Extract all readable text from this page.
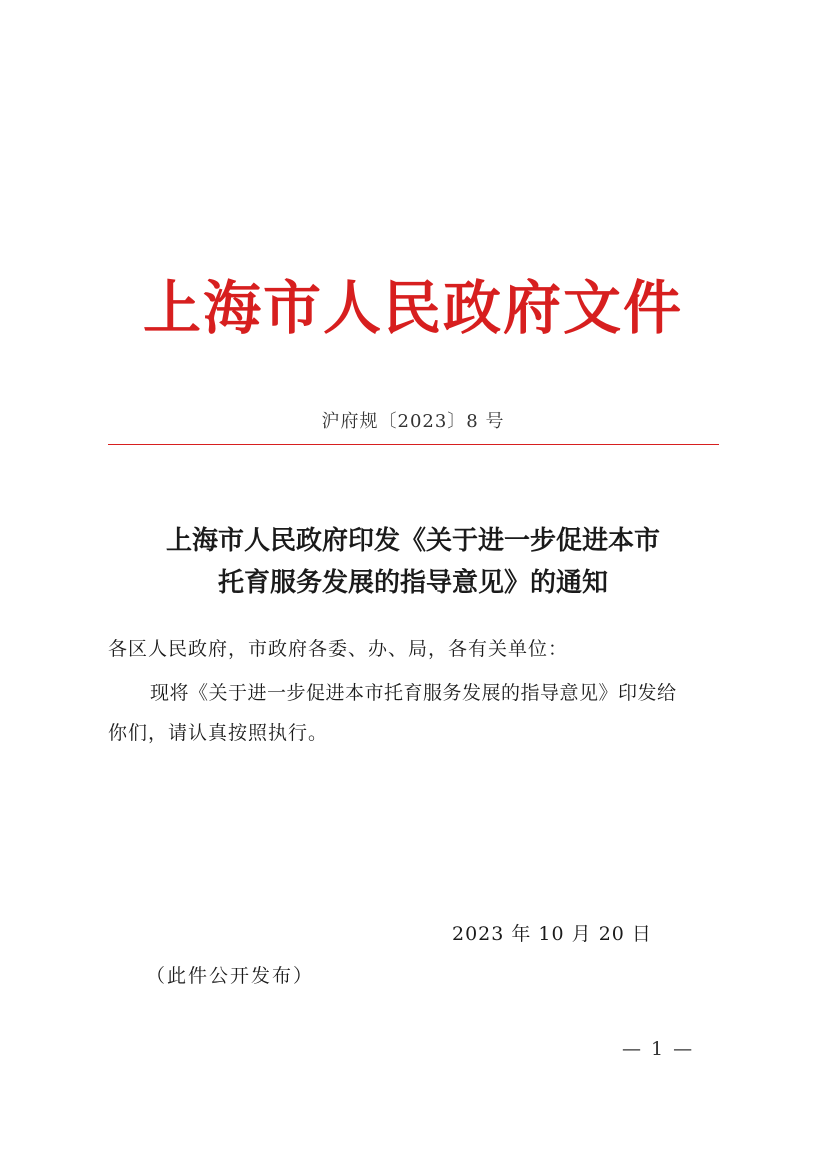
上海市人民政府文件
沪府规〔2023〕8 号
上海市人民政府印发《关于进一步促进本市
托育服务发展的指导意见》的通知
各区人民政府，市政府各委、办、局，各有关单位：
现将《关于进一步促进本市托育服务发展的指导意见》印发给
你们，请认真按照执行。
2023 年 10 月 20 日
（此件公开发布）
— 1 —
